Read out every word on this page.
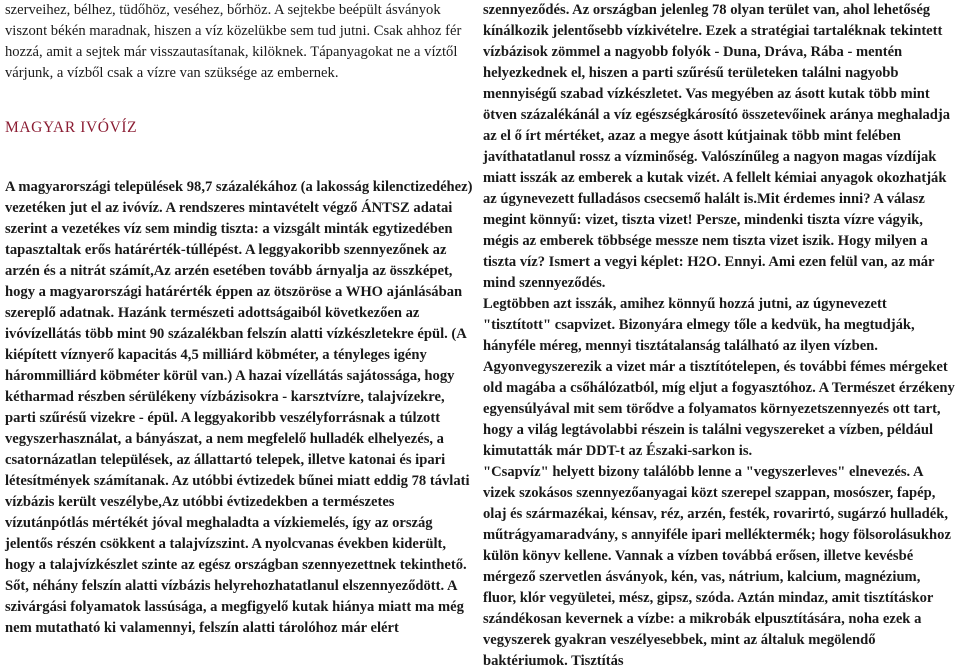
szerveihez, bélhez, tüdőhöz, veséhez, bőrhöz. A sejtekbe beépült ásványok viszont békén maradnak, hiszen a víz közelükbe sem tud jutni. Csak ahhoz fér hozzá, amit a sejtek már visszautasítanak, kilöknek. Tápanyagokat ne a víztől várjunk, a vízből csak a vízre van szüksége az embernek.

MAGYAR IVÓVÍZ

A magyarországi települések 98,7 százalékához (a lakosság kilenctizedéhez) vezetéken jut el az ivóvíz. A rendszeres mintavételt végző ÁNTSZ adatai szerint a vezetékes víz sem mindig tiszta: a vizsgált minták egytizedében tapasztaltak erős határérték-túllépést. A leggyakoribb szennyezőnek az arzén és a nitrát számít,Az arzén esetében tovább árnyalja az összképet, hogy a magyarországi határérték éppen az ötszöröse a WHO ajánlásában szereplő adatnak. Hazánk természeti adottságaiból következően az ivóvízellátás több mint 90 százalékban felszín alatti vízkészletekre épül. (A kiépített víznyerő kapacitás 4,5 milliárd köbméter, a tényleges igény hárommilliárd köbméter körül van.) A hazai vízellátás sajátossága, hogy kétharmad részben sérülékeny vízbázisokra - karsztvízre, talajvízekre, parti szűrésű vizekre - épül. A leggyakoribb veszélyforrásnak a túlzott vegyszerhasználat, a bányászat, a nem megfelelő hulladék elhelyezés, a csatornázatlan települések, az állattartó telepek, illetve katonai és ipari létesítmények számítanak. Az utóbbi évtizedek bűnei miatt eddig 78 távlati vízbázis került veszélybe,Az utóbbi évtizedekben a természetes vízutánpótlás mértékét jóval meghaladta a vízkiemelés, így az ország jelentős részén csökkent a talajvízszint. A nyolcvanas években kiderült, hogy a talajvízkészlet szinte az egész országban szennyezettnek tekinthető. Sőt, néhány felszín alatti vízbázis helyrehozhatatlanul elszennyeződött. A szivárgási folyamatok lassúsága, a megfigyelő kutak hiánya miatt ma még nem mutatható ki valamennyi, felszín alatti tárolóhoz már elért

szennyeződés. Az országban jelenleg 78 olyan terület van, ahol lehetőség kínálkozik jelentősebb vízkivételre. Ezek a stratégiai tartaléknak tekintett vízbázisok zömmel a nagyobb folyók - Duna, Dráva, Rába - mentén helyezkednek el, hiszen a parti szűrésű területeken találni nagyobb mennyiségű szabad vízkészletet. Vas megyében az ásott kutak több mint ötven százalékánál a víz egészségkárosító összetevőinek aránya meghaladja az el ő írt mértéket, azaz a megye ásott kútjainak több mint felében javíthatatlanul rossz a vízminőség. Valószínűleg a nagyon magas vízdíjak miatt isszák az emberek a kutak vizét. A fellelt kémiai anyagok okozhatják az úgynevezett fulladásos csecsemő halált is.Mit érdemes inni? A válasz megint könnyű: vizet, tiszta vizet! Persze, mindenki tiszta vízre vágyik, mégis az emberek többsége messze nem tiszta vizet iszik. Hogy milyen a tiszta víz? Ismert a vegyi képlet: H2O. Ennyi. Ami ezen felül van, az már mind szennyeződés.

Legtöbben azt isszák, amihez könnyű hozzá jutni, az úgynevezett "tisztított" csapvizet. Bizonyára elmegy tőle a kedvük, ha megtudják, hányféle méreg, mennyi tisztátalanság található az ilyen vízben. Agyonvegyszerezik a vizet már a tisztítótelepen, és további fémes mérgeket old magába a csőhálózatból, míg eljut a fogyasztóhoz. A Természet érzékeny egyensúlyával mit sem törődve a folyamatos környezetszennyezés ott tart, hogy a világ legtávolabbi részein is találni vegyszereket a vízben, például kimutatták már DDT-t az Északi-sarkon is.

"Csapvíz" helyett bizony találóbb lenne a "vegyszerleves" elnevezés. A vizek szokásos szennyezőanyagai közt szerepel szappan, mosószer, fapép, olaj és származékai, kénsav, réz, arzén, festék, rovarirtó, sugárzó hulladék, műtrágyamaradvány, s annyiféle ipari melléktermék; hogy fölsorolásukhoz külön könyv kellene. Vannak a vízben továbbá erősen, illetve kevésbé mérgező szervetlen ásványok, kén, vas, nátrium, kalcium, magnézium, fluor, klór vegyületei, mész, gipsz, szóda. Aztán mindaz, amit tisztításkor szándékosan kevernek a vízbe: a mikrobák elpusztítására, noha ezek a vegyszerek gyakran veszélyesebbek, mint az általuk megölendő baktériumok. Tisztítás
